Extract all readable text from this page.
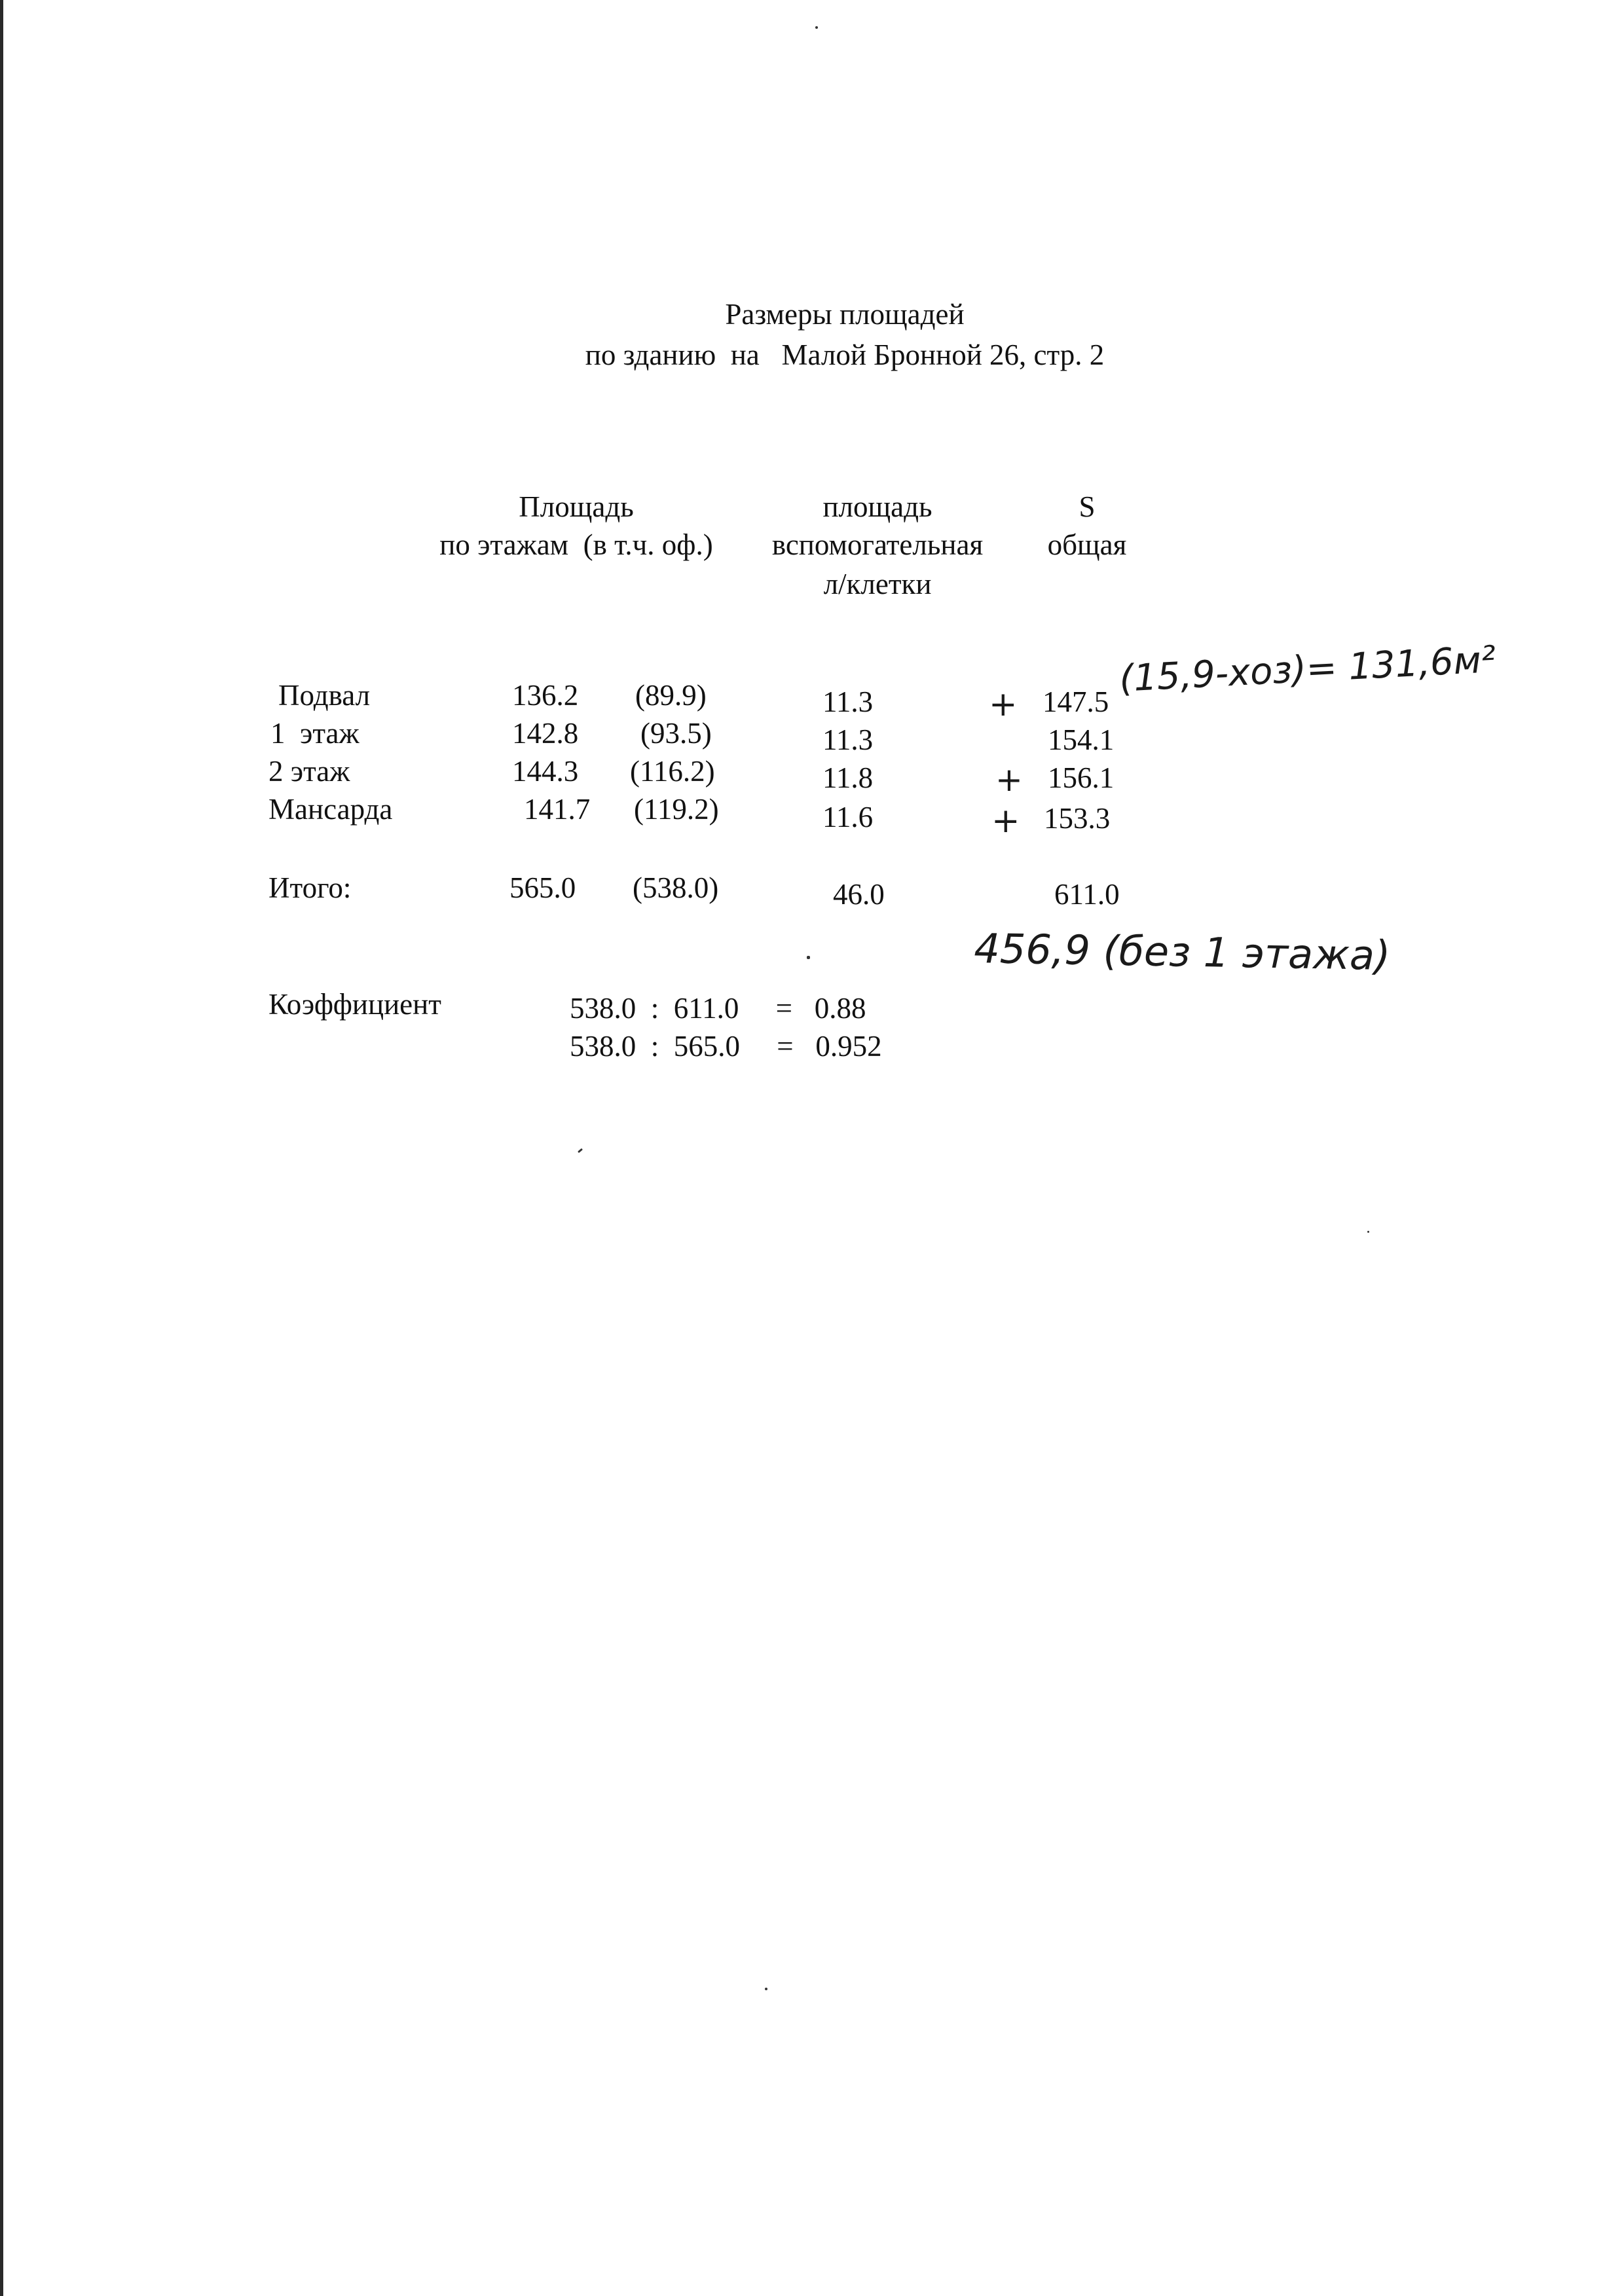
Размеры площадей
по зданию  на   Малой Бронной 26, стр. 2
Площадь
по этажам  (в т.ч. оф.)
площадь
вспомогательная
л/клетки
S
общая
Подвал	136.2 (89.9)	11.3	+ 147.5
(15,9-хоз)= 131,6м²
1  этаж	142.8 (93.5)	11.3	154.1
2 этаж	144.3 (116.2)	11.8	+ 156.1
Мансарда	141.7 (119.2)	11.6	+ 153.3
Итого:	565.0 (538.0)	46.0	611.0
456,9 (без 1 этажа)
Коэффициент	538.0  :  611.0     =   0.88
538.0  :  565.0     =   0.952
